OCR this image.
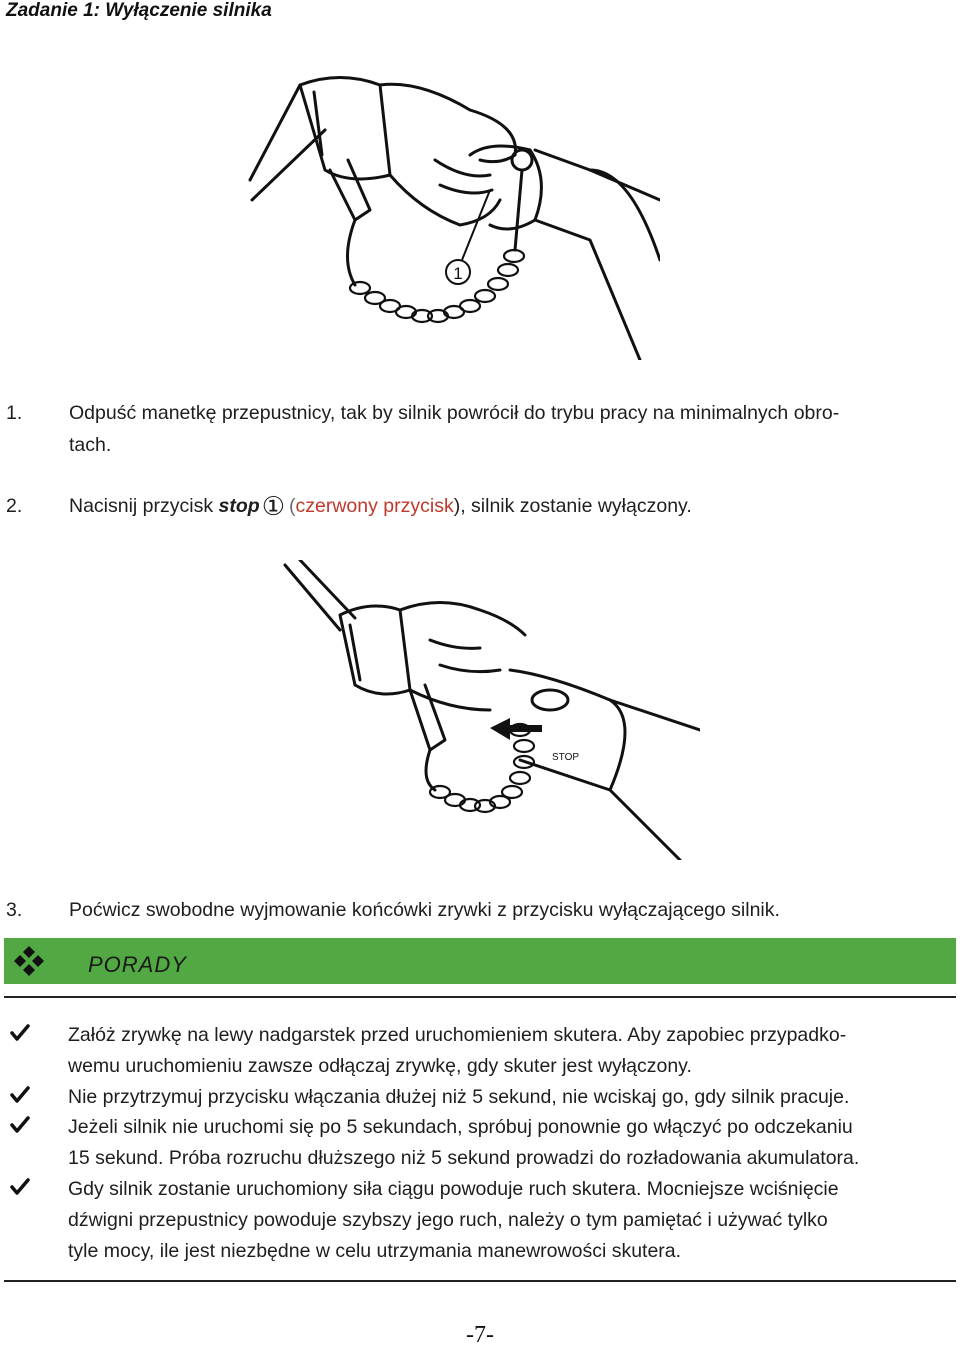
Zadanie 1: Wyłączenie silnika
1
1. Odpuść manetkę przepustnicy, tak by silnik powrócił do trybu pracy na minimalnych obro-
tach.
2. Nacisnij przycisk stop① (czerwony przycisk), silnik zostanie wyłączony.
STOP
3. Poćwicz swobodne wyjmowanie końcówki zrywki z przycisku wyłączającego silnik.
PORADY
Załóż zrywkę na lewy nadgarstek przed uruchomieniem skutera. Aby zapobiec przypadko-
wemu uruchomieniu zawsze odłączaj zrywkę, gdy skuter jest wyłączony.
Nie przytrzymuj przycisku włączania dłużej niż 5 sekund, nie wciskaj go, gdy silnik pracuje.
Jeżeli silnik nie uruchomi się po 5 sekundach, spróbuj ponownie go włączyć po odczekaniu
15 sekund. Próba rozruchu dłuższego niż 5 sekund prowadzi do rozładowania akumulatora.
Gdy silnik zostanie uruchomiony siła ciągu powoduje ruch skutera. Mocniejsze wciśnięcie
dźwigni przepustnicy powoduje szybszy jego ruch, należy o tym pamiętać i używać tylko
tyle mocy, ile jest niezbędne w celu utrzymania manewrowości skutera.
-7-
